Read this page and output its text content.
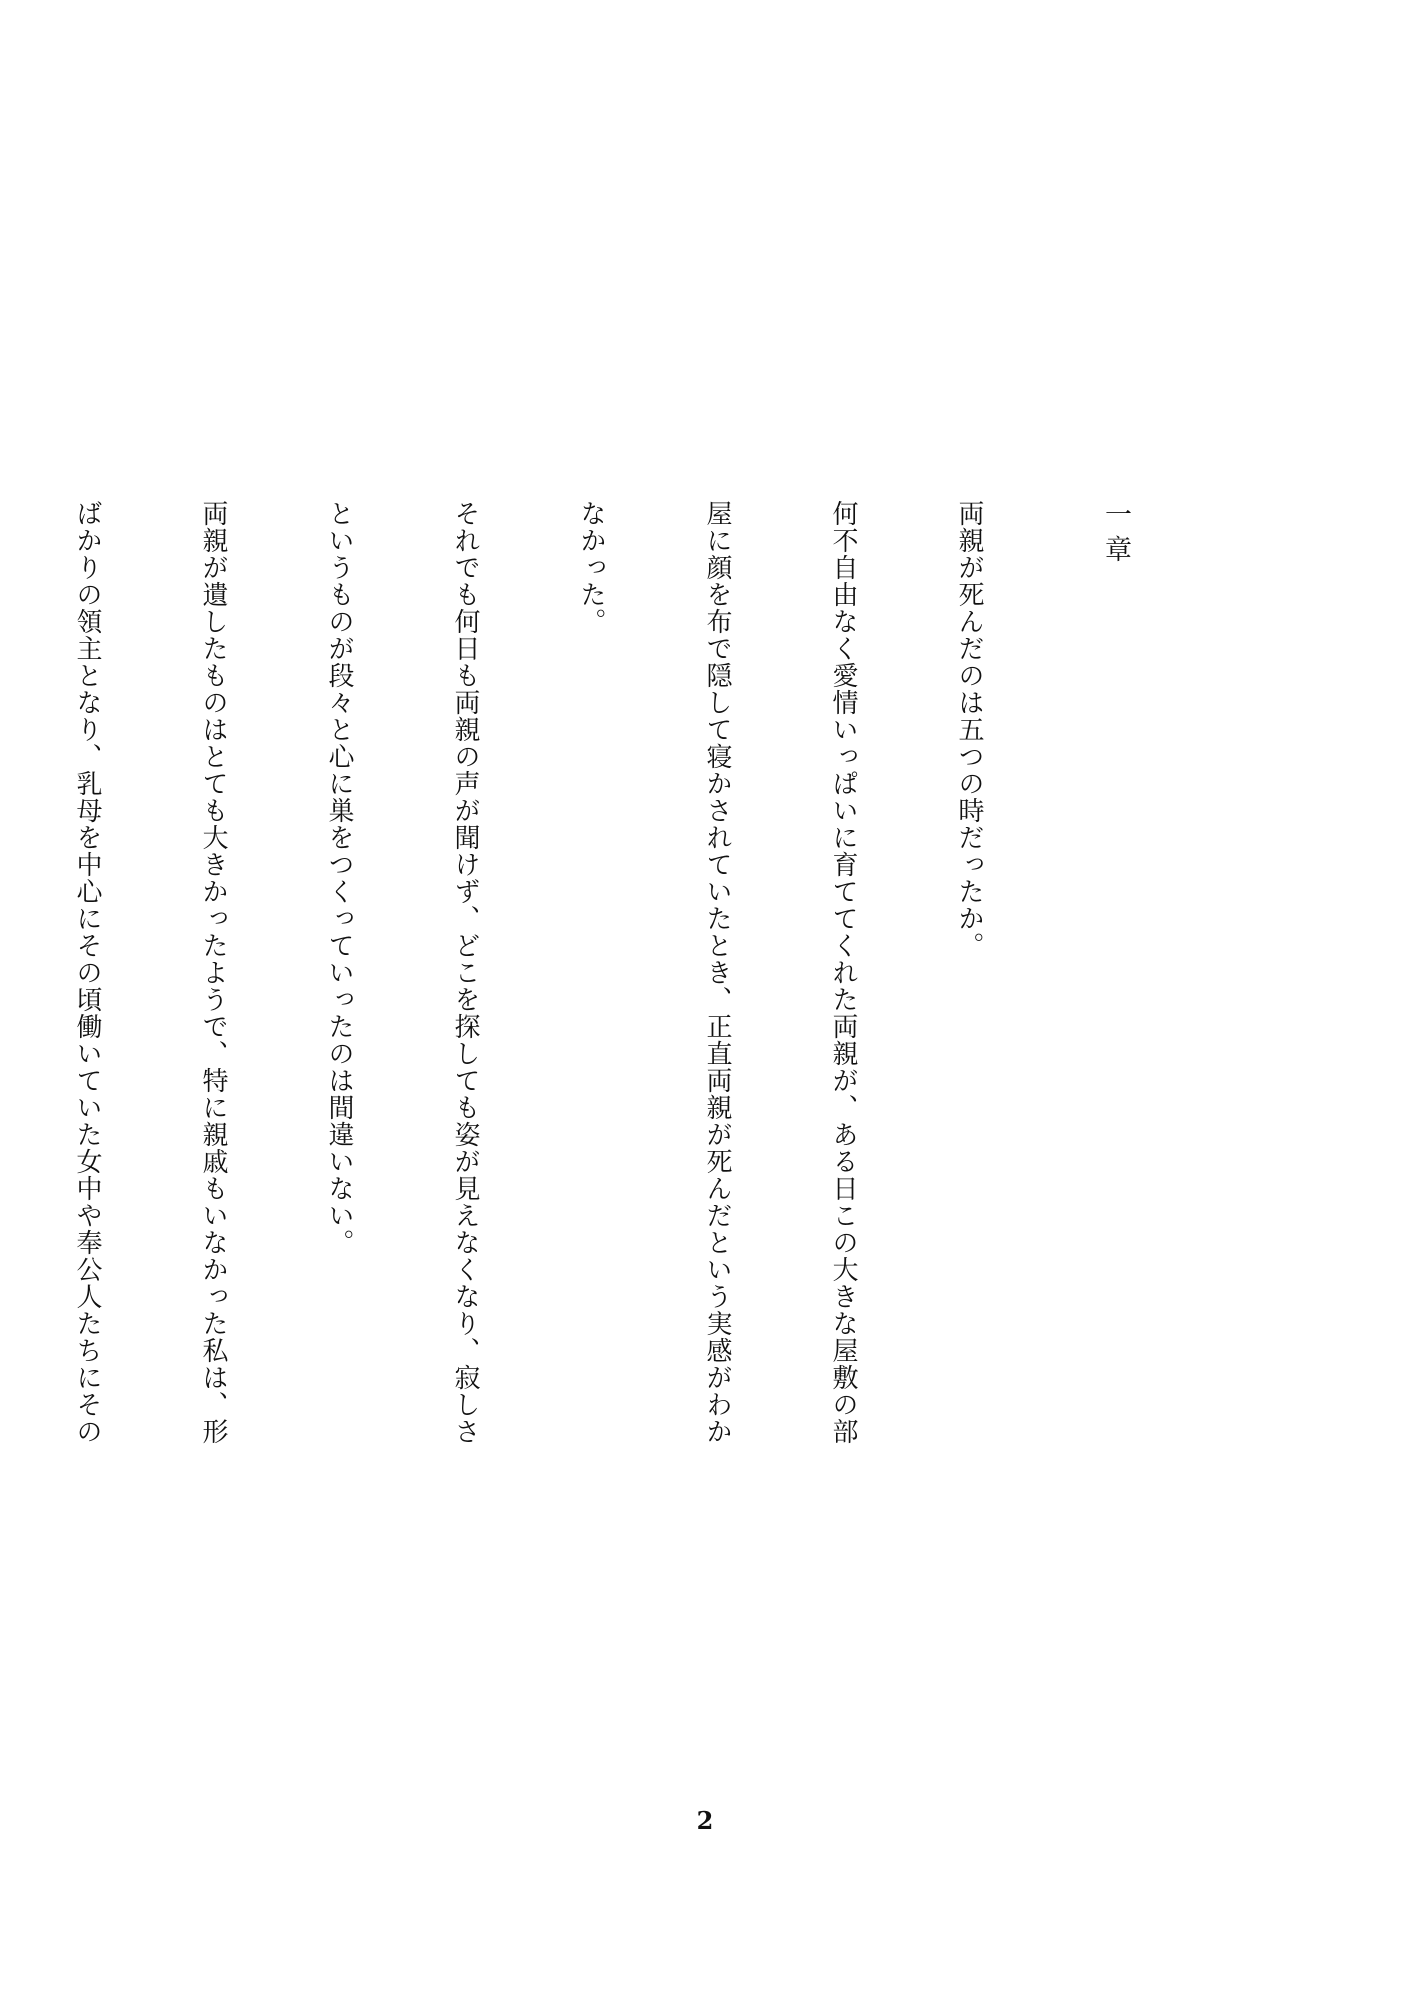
一章

両親が死んだのは五つの時だったか。

何不自由なく愛情いっぱいに育ててくれた両親が、ある日この大きな屋敷の部

屋に顔を布で隠して寝かされていたとき、正直両親が死んだという実感がわか

なかった。

それでも何日も両親の声が聞けず、どこを探しても姿が見えなくなり、寂しさ

というものが段々と心に巣をつくっていったのは間違いない。

両親が遺したものはとても大きかったようで、特に親戚もいなかった私は、形

ばかりの領主となり、乳母を中心にその頃働いていた女中や奉公人たちにその

2
